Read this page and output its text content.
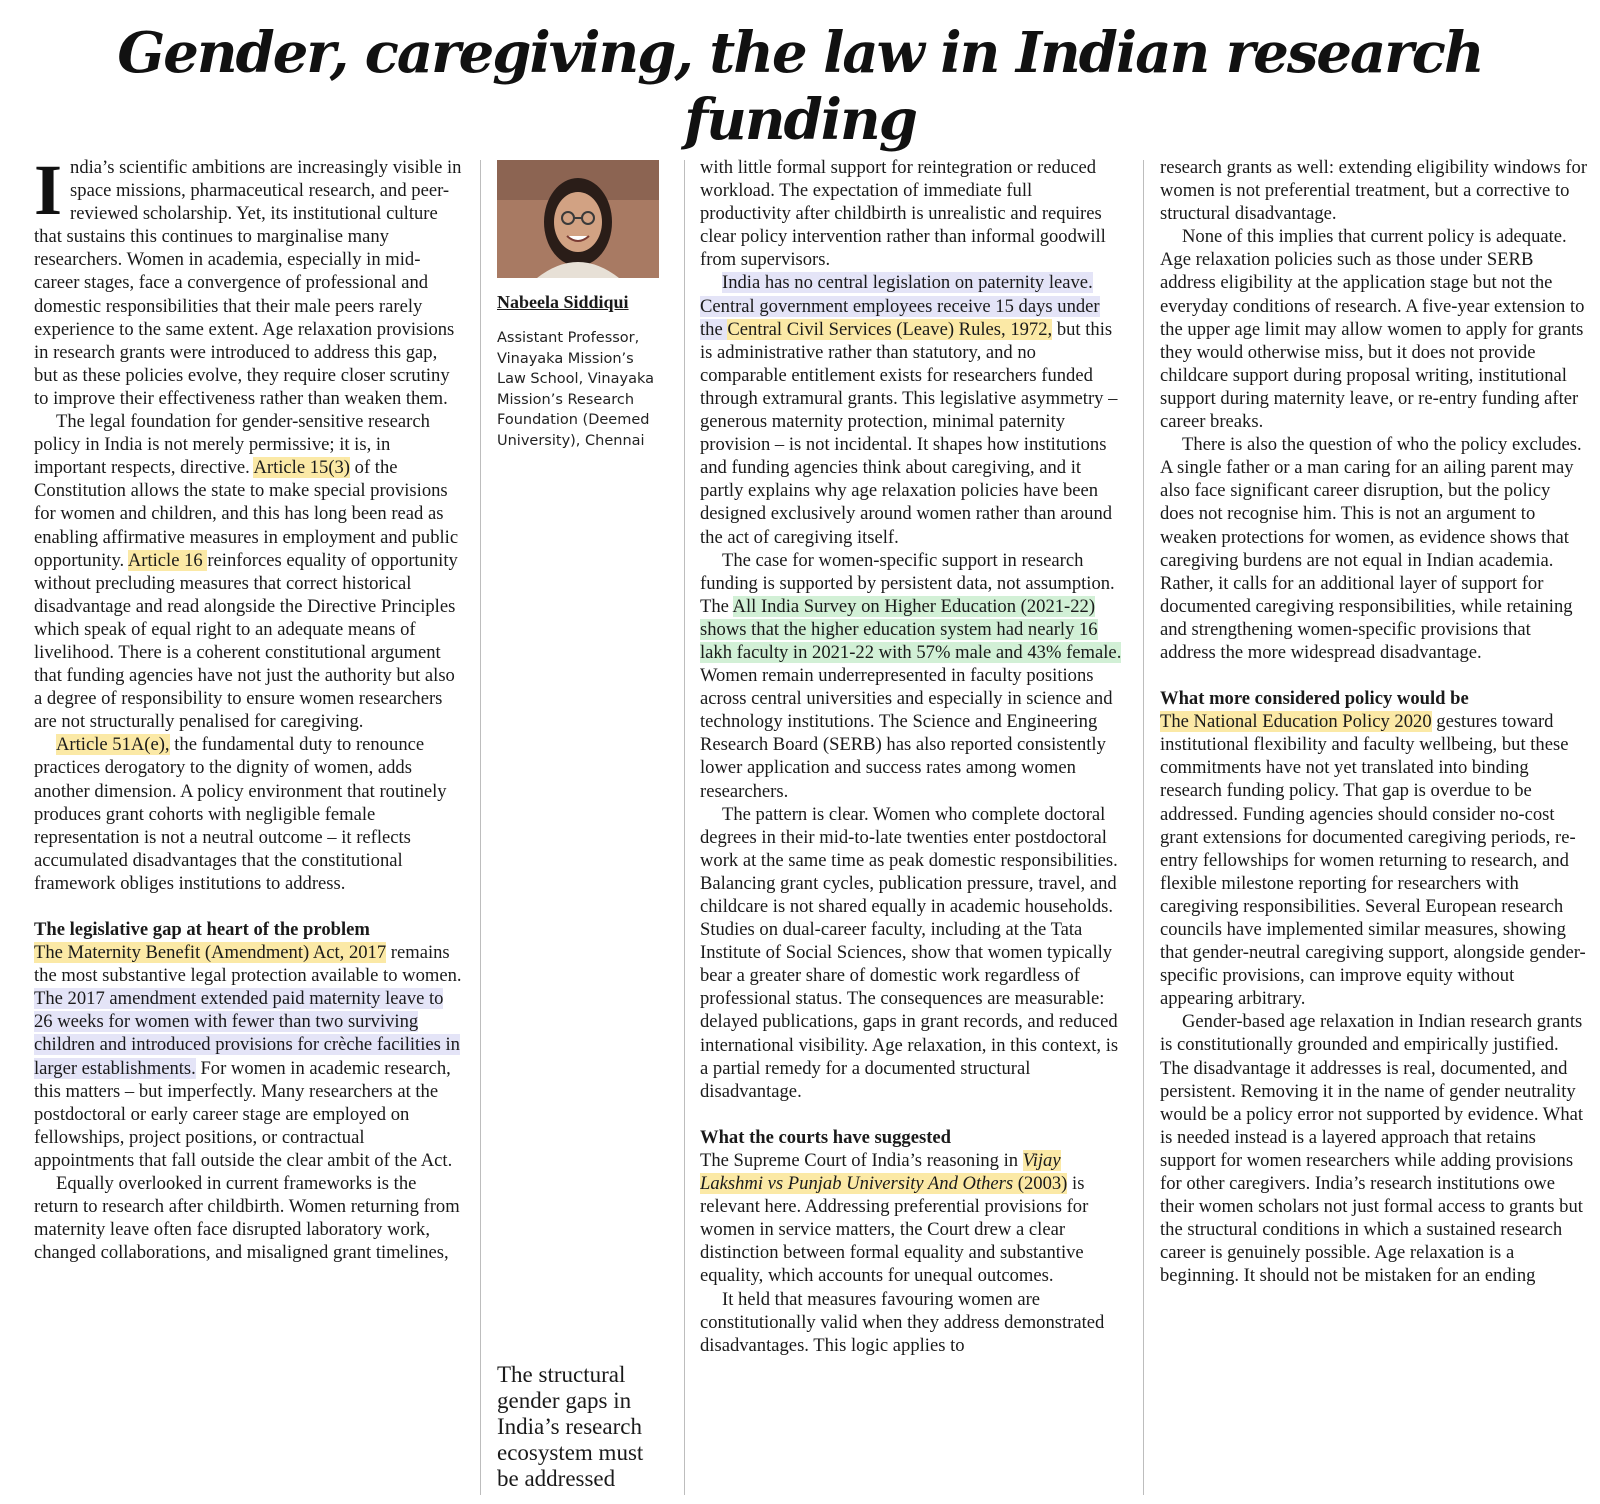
Gender, caregiving, the law in Indian research funding

India’s scientific ambitions are increasingly visible in space missions, pharmaceutical research, and peer-reviewed scholarship. Yet, its institutional culture that sustains this continues to marginalise many researchers. Women in academia, especially in mid-career stages, face a convergence of professional and domestic responsibilities that their male peers rarely experience to the same extent. Age relaxation provisions in research grants were introduced to address this gap, but as these policies evolve, they require closer scrutiny to improve their effectiveness rather than weaken them.

The legal foundation for gender-sensitive research policy in India is not merely permissive; it is, in important respects, directive. Article 15(3) of the Constitution allows the state to make special provisions for women and children, and this has long been read as enabling affirmative measures in employment and public opportunity. Article 16 reinforces equality of opportunity without precluding measures that correct historical disadvantage and read alongside the Directive Principles which speak of equal right to an adequate means of livelihood. There is a coherent constitutional argument that funding agencies have not just the authority but also a degree of responsibility to ensure women researchers are not structurally penalised for caregiving.

Article 51A(e), the fundamental duty to renounce practices derogatory to the dignity of women, adds another dimension. A policy environment that routinely produces grant cohorts with negligible female representation is not a neutral outcome – it reflects accumulated disadvantages that the constitutional framework obliges institutions to address.

The legislative gap at heart of the problem

The Maternity Benefit (Amendment) Act, 2017 remains the most substantive legal protection available to women. The 2017 amendment extended paid maternity leave to 26 weeks for women with fewer than two surviving children and introduced provisions for crèche facilities in larger establishments. For women in academic research, this matters – but imperfectly. Many researchers at the postdoctoral or early career stage are employed on fellowships, project positions, or contractual appointments that fall outside the clear ambit of the Act.

Equally overlooked in current frameworks is the return to research after childbirth. Women returning from maternity leave often face disrupted laboratory work, changed collaborations, and misaligned grant timelines,

Nabeela Siddiqui
Assistant Professor, Vinayaka Mission’s Law School, Vinayaka Mission’s Research Foundation (Deemed University), Chennai
The structural gender gaps in India’s research ecosystem must be addressed

with little formal support for reintegration or reduced workload. The expectation of immediate full productivity after childbirth is unrealistic and requires clear policy intervention rather than informal goodwill from supervisors.

India has no central legislation on paternity leave. Central government employees receive 15 days under the Central Civil Services (Leave) Rules, 1972, but this is administrative rather than statutory, and no comparable entitlement exists for researchers funded through extramural grants. This legislative asymmetry – generous maternity protection, minimal paternity provision – is not incidental. It shapes how institutions and funding agencies think about caregiving, and it partly explains why age relaxation policies have been designed exclusively around women rather than around the act of caregiving itself.

The case for women-specific support in research funding is supported by persistent data, not assumption. The All India Survey on Higher Education (2021-22) shows that the higher education system had nearly 16 lakh faculty in 2021-22 with 57% male and 43% female. Women remain underrepresented in faculty positions across central universities and especially in science and technology institutions. The Science and Engineering Research Board (SERB) has also reported consistently lower application and success rates among women researchers.

The pattern is clear. Women who complete doctoral degrees in their mid-to-late twenties enter postdoctoral work at the same time as peak domestic responsibilities. Balancing grant cycles, publication pressure, travel, and childcare is not shared equally in academic households. Studies on dual-career faculty, including at the Tata Institute of Social Sciences, show that women typically bear a greater share of domestic work regardless of professional status. The consequences are measurable: delayed publications, gaps in grant records, and reduced international visibility. Age relaxation, in this context, is a partial remedy for a documented structural disadvantage.

What the courts have suggested

The Supreme Court of India’s reasoning in Vijay Lakshmi vs Punjab University And Others (2003) is relevant here. Addressing preferential provisions for women in service matters, the Court drew a clear distinction between formal equality and substantive equality, which accounts for unequal outcomes.

It held that measures favouring women are constitutionally valid when they address demonstrated disadvantages. This logic applies to

research grants as well: extending eligibility windows for women is not preferential treatment, but a corrective to structural disadvantage.

None of this implies that current policy is adequate. Age relaxation policies such as those under SERB address eligibility at the application stage but not the everyday conditions of research. A five-year extension to the upper age limit may allow women to apply for grants they would otherwise miss, but it does not provide childcare support during proposal writing, institutional support during maternity leave, or re-entry funding after career breaks.

There is also the question of who the policy excludes. A single father or a man caring for an ailing parent may also face significant career disruption, but the policy does not recognise him. This is not an argument to weaken protections for women, as evidence shows that caregiving burdens are not equal in Indian academia. Rather, it calls for an additional layer of support for documented caregiving responsibilities, while retaining and strengthening women-specific provisions that address the more widespread disadvantage.

What more considered policy would be

The National Education Policy 2020 gestures toward institutional flexibility and faculty wellbeing, but these commitments have not yet translated into binding research funding policy. That gap is overdue to be addressed. Funding agencies should consider no-cost grant extensions for documented caregiving periods, re-entry fellowships for women returning to research, and flexible milestone reporting for researchers with caregiving responsibilities. Several European research councils have implemented similar measures, showing that gender-neutral caregiving support, alongside gender-specific provisions, can improve equity without appearing arbitrary.

Gender-based age relaxation in Indian research grants is constitutionally grounded and empirically justified. The disadvantage it addresses is real, documented, and persistent. Removing it in the name of gender neutrality would be a policy error not supported by evidence. What is needed instead is a layered approach that retains support for women researchers while adding provisions for other caregivers. India’s research institutions owe their women scholars not just formal access to grants but the structural conditions in which a sustained research career is genuinely possible. Age relaxation is a beginning. It should not be mistaken for an ending
